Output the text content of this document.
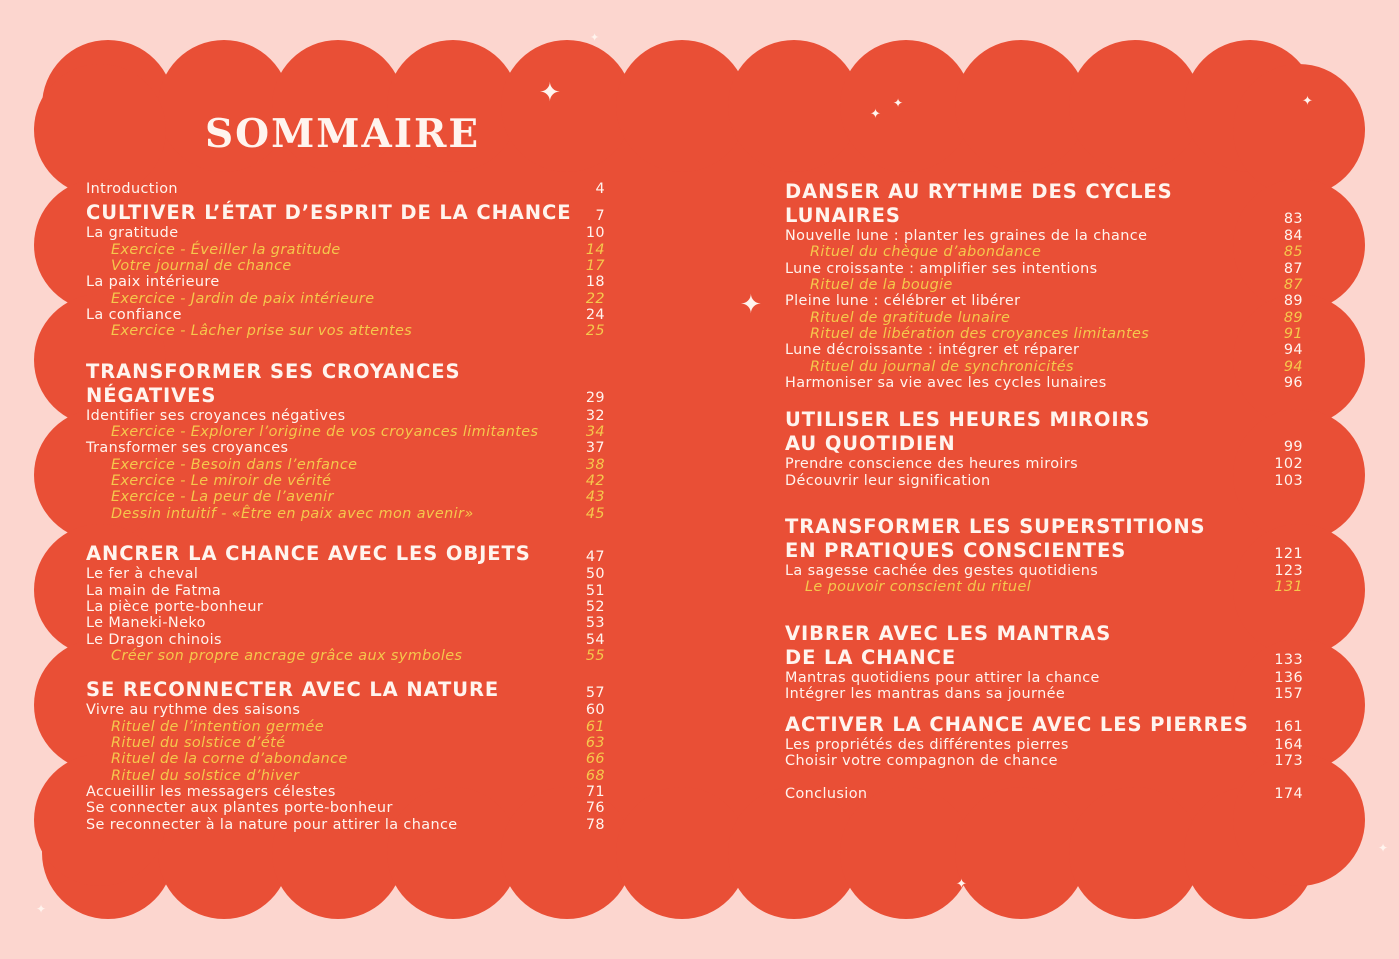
✦
✦
✦	✦
✦
✦
✦
✦
✦
SOMMAIRE
Introduction	4
CULTIVER L’ÉTAT D’ESPRIT DE LA CHANCE 7
La gratitude	10
Exercice - Éveiller la gratitude	14
Votre journal de chance	17
La paix intérieure	18
Exercice - Jardin de paix intérieure	22
La confiance	24
Exercice - Lâcher prise sur vos attentes	25
TRANSFORMER SES CROYANCES
NÉGATIVES	29
Identifier ses croyances négatives	32
Exercice - Explorer l’origine de vos croyances limitantes	34
Transformer ses croyances	37
Exercice - Besoin dans l’enfance	38
Exercice - Le miroir de vérité	42
Exercice - La peur de l’avenir	43
Dessin intuitif - «Être en paix avec mon avenir»	45
ANCRER LA CHANCE AVEC LES OBJETS	47
Le fer à cheval	50
La main de Fatma	51
La pièce porte-bonheur	52
Le Maneki-Neko	53
Le Dragon chinois	54
Créer son propre ancrage grâce aux symboles	55
SE RECONNECTER AVEC LA NATURE	57
Vivre au rythme des saisons	60
Rituel de l’intention germée	61
Rituel du solstice d’été	63
Rituel de la corne d’abondance	66
Rituel du solstice d’hiver	68
Accueillir les messagers célestes	71
Se connecter aux plantes porte-bonheur	76
Se reconnecter à la nature pour attirer la chance	78
DANSER AU RYTHME DES CYCLES
LUNAIRES	83
Nouvelle lune : planter les graines de la chance	84
Rituel du chèque d’abondance	85
Lune croissante : amplifier ses intentions	87
Rituel de la bougie	87
Pleine lune : célébrer et libérer	89
Rituel de gratitude lunaire	89
Rituel de libération des croyances limitantes	91
Lune décroissante : intégrer et réparer	94
Rituel du journal de synchronicités	94
Harmoniser sa vie avec les cycles lunaires	96
UTILISER LES HEURES MIROIRS
AU QUOTIDIEN	99
Prendre conscience des heures miroirs	102
Découvrir leur signification	103
TRANSFORMER LES SUPERSTITIONS
EN PRATIQUES CONSCIENTES	121
La sagesse cachée des gestes quotidiens	123
Le pouvoir conscient du rituel	131
VIBRER AVEC LES MANTRAS
DE LA CHANCE	133
Mantras quotidiens pour attirer la chance	136
Intégrer les mantras dans sa journée	157
ACTIVER LA CHANCE AVEC LES PIERRES 161
Les propriétés des différentes pierres	164
Choisir votre compagnon de chance	173
Conclusion	174
